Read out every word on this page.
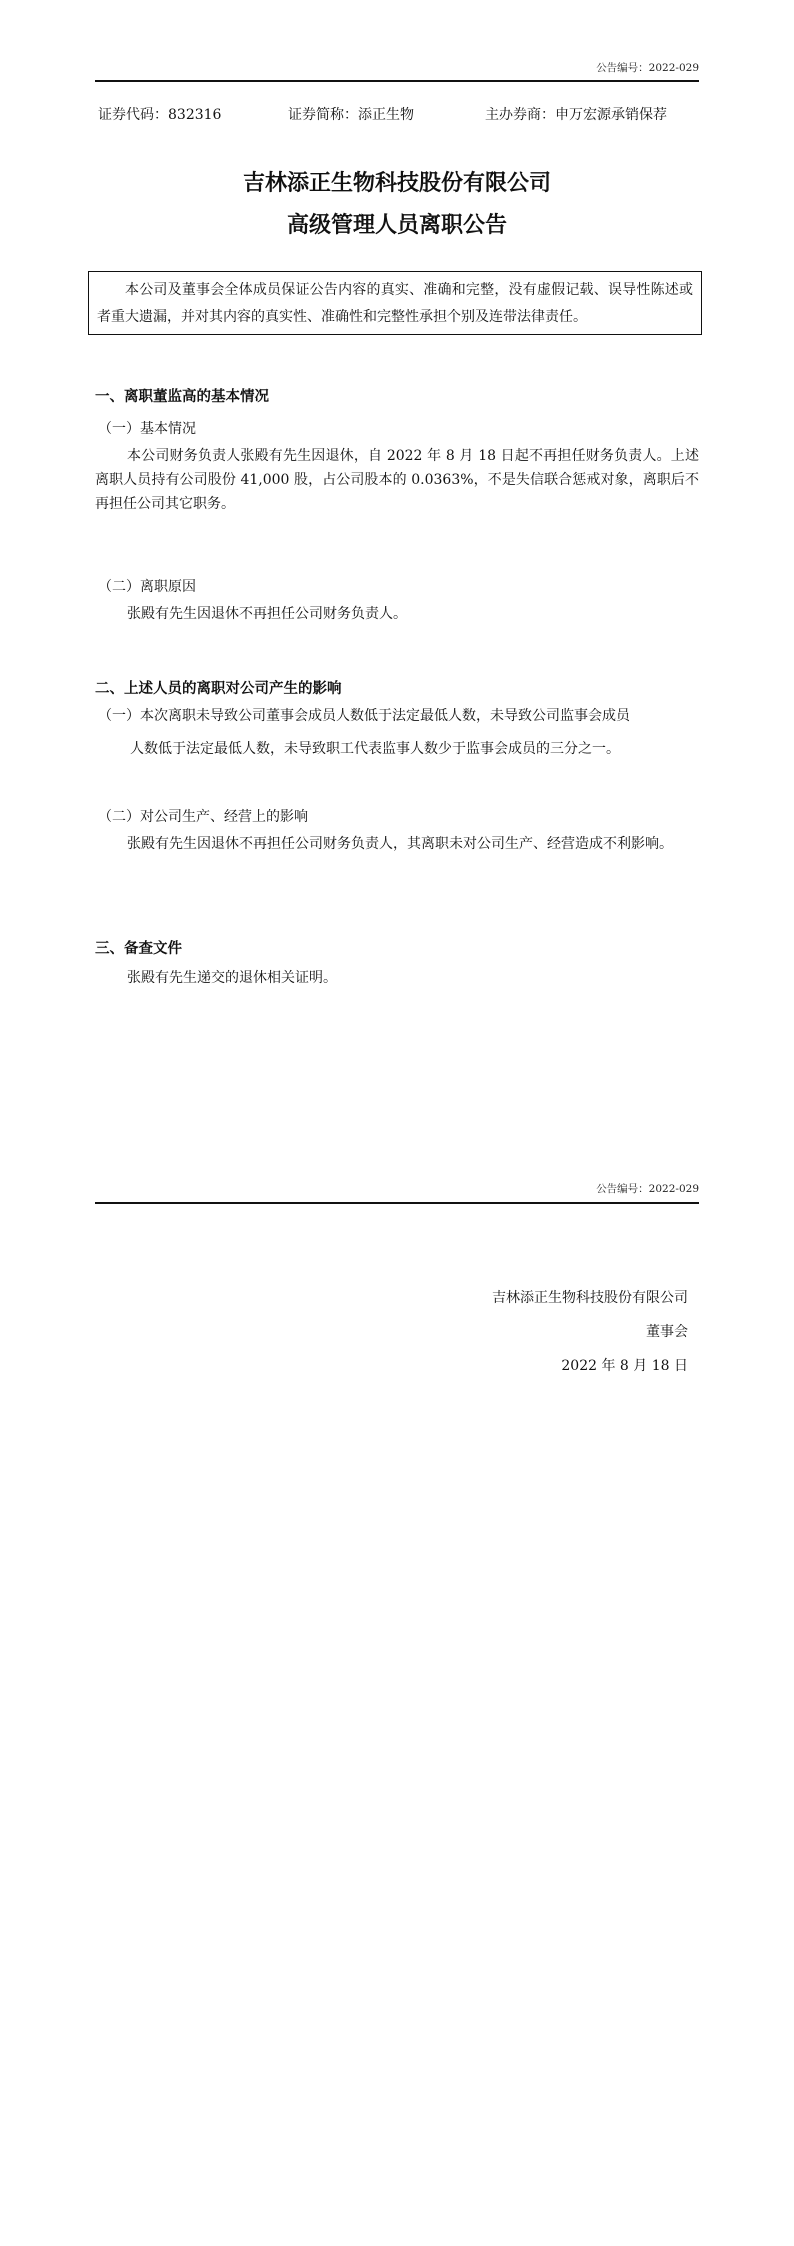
公告编号：2022-029
证券代码：832316	证券简称：添正生物	主办券商：申万宏源承销保荐
吉林添正生物科技股份有限公司
高级管理人员离职公告

本公司及董事会全体成员保证公告内容的真实、准确和完整，没有虚假记载、误导性陈述或者重大遗漏，并对其内容的真实性、准确性和完整性承担个别及连带法律责任。

一、离职董监高的基本情况
（一）基本情况

本公司财务负责人张殿有先生因退休，自 2022 年 8 月 18 日起不再担任财务负责人。上述离职人员持有公司股份 41,000 股，占公司股本的 0.0363%，不是失信联合惩戒对象，离职后不再担任公司其它职务。

（二）离职原因

张殿有先生因退休不再担任公司财务负责人。

二、上述人员的离职对公司产生的影响
（一）本次离职未导致公司董事会成员人数低于法定最低人数，未导致公司监事会成员
人数低于法定最低人数，未导致职工代表监事人数少于监事会成员的三分之一。
（二）对公司生产、经营上的影响

张殿有先生因退休不再担任公司财务负责人，其离职未对公司生产、经营造成不利影响。

三、备查文件

张殿有先生递交的退休相关证明。

公告编号：2022-029
吉林添正生物科技股份有限公司
董事会
2022 年 8 月 18 日
